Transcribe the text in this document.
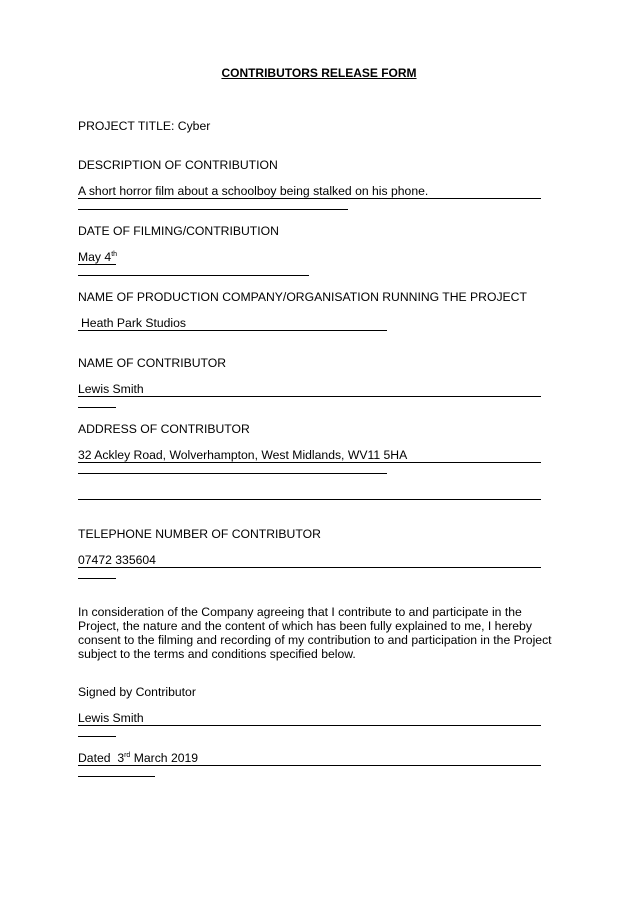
CONTRIBUTORS RELEASE FORM
PROJECT TITLE: Cyber
DESCRIPTION OF CONTRIBUTION
A short horror film about a schoolboy being stalked on his phone.
DATE OF FILMING/CONTRIBUTION
May 4th
NAME OF PRODUCTION COMPANY/ORGANISATION RUNNING THE PROJECT
Heath Park Studios
NAME OF CONTRIBUTOR
Lewis Smith
ADDRESS OF CONTRIBUTOR
32 Ackley Road, Wolverhampton, West Midlands, WV11 5HA
TELEPHONE NUMBER OF CONTRIBUTOR
07472 335604
In consideration of the Company agreeing that I contribute to and participate in the Project, the nature and the content of which has been fully explained to me, I hereby consent to the filming and recording of my contribution to and participation in the Project subject to the terms and conditions specified below.
Signed by Contributor
Lewis Smith
Dated 3rd March 2019
